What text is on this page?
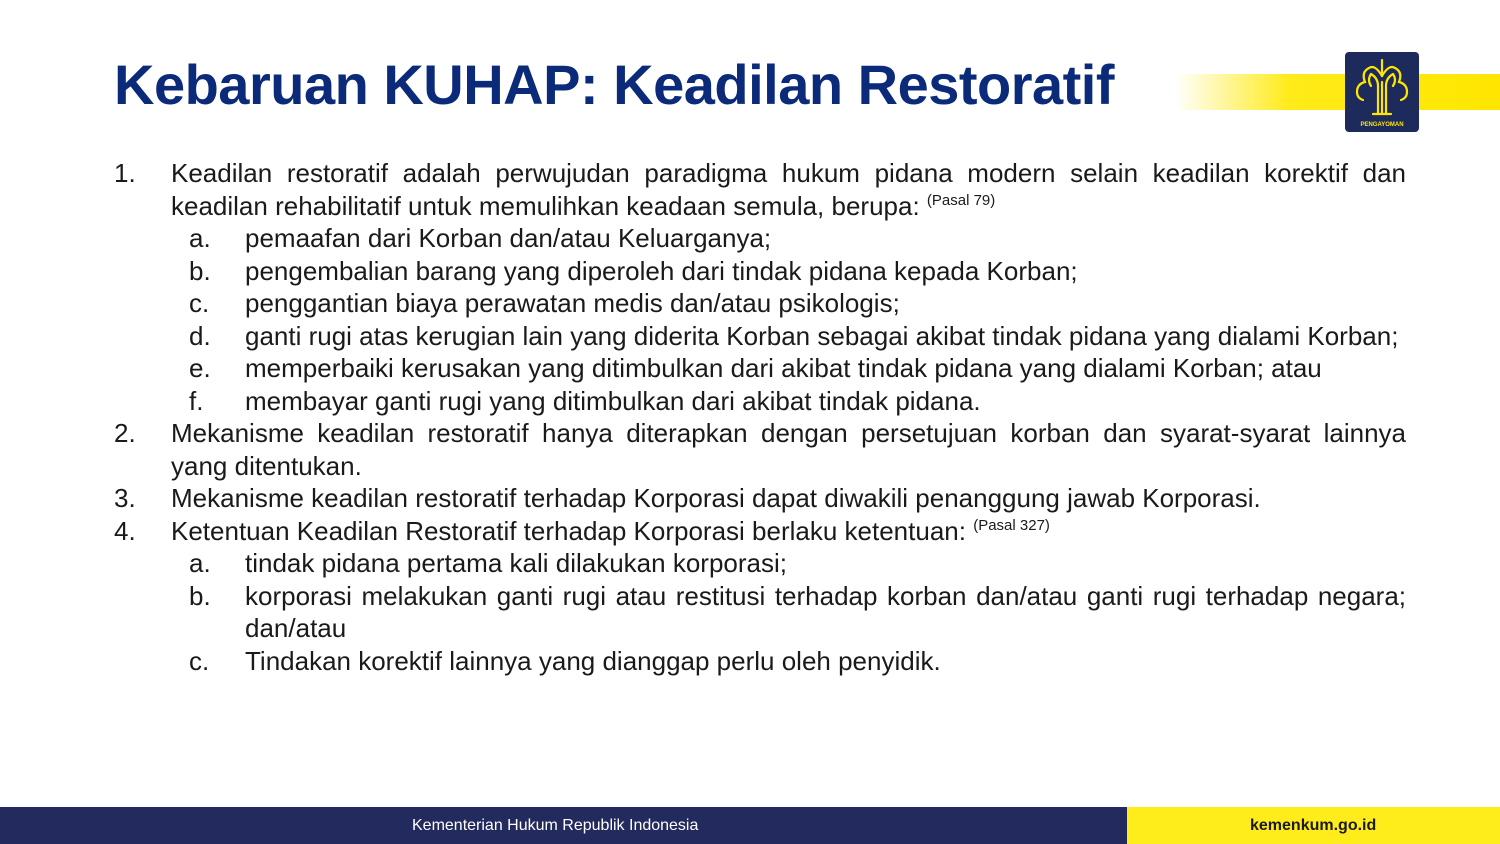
Kebaruan KUHAP: Keadilan Restoratif
PENGAYOMAN
1. Keadilan restoratif adalah perwujudan paradigma hukum pidana modern selain keadilan korektif dan keadilan rehabilitatif untuk memulihkan keadaan semula, berupa: $^{(Pasal 79)}$
a. pemaafan dari Korban dan/atau Keluarganya;
b. pengembalian barang yang diperoleh dari tindak pidana kepada Korban;
c. penggantian biaya perawatan medis dan/atau psikologis;
d. ganti rugi atas kerugian lain yang diderita Korban sebagai akibat tindak pidana yang dialami Korban;
e. memperbaiki kerusakan yang ditimbulkan dari akibat tindak pidana yang dialami Korban; atau
f. membayar ganti rugi yang ditimbulkan dari akibat tindak pidana.
2. Mekanisme keadilan restoratif hanya diterapkan dengan persetujuan korban dan syarat-syarat lainnya yang ditentukan.
3. Mekanisme keadilan restoratif terhadap Korporasi dapat diwakili penanggung jawab Korporasi.
4. Ketentuan Keadilan Restoratif terhadap Korporasi berlaku ketentuan: $^{(Pasal 327)}$
a. tindak pidana pertama kali dilakukan korporasi;
b. korporasi melakukan ganti rugi atau restitusi terhadap korban dan/atau ganti rugi terhadap negara; dan/atau
c. Tindakan korektif lainnya yang dianggap perlu oleh penyidik.
Kementerian Hukum Republik Indonesia	kemenkum.go.id
